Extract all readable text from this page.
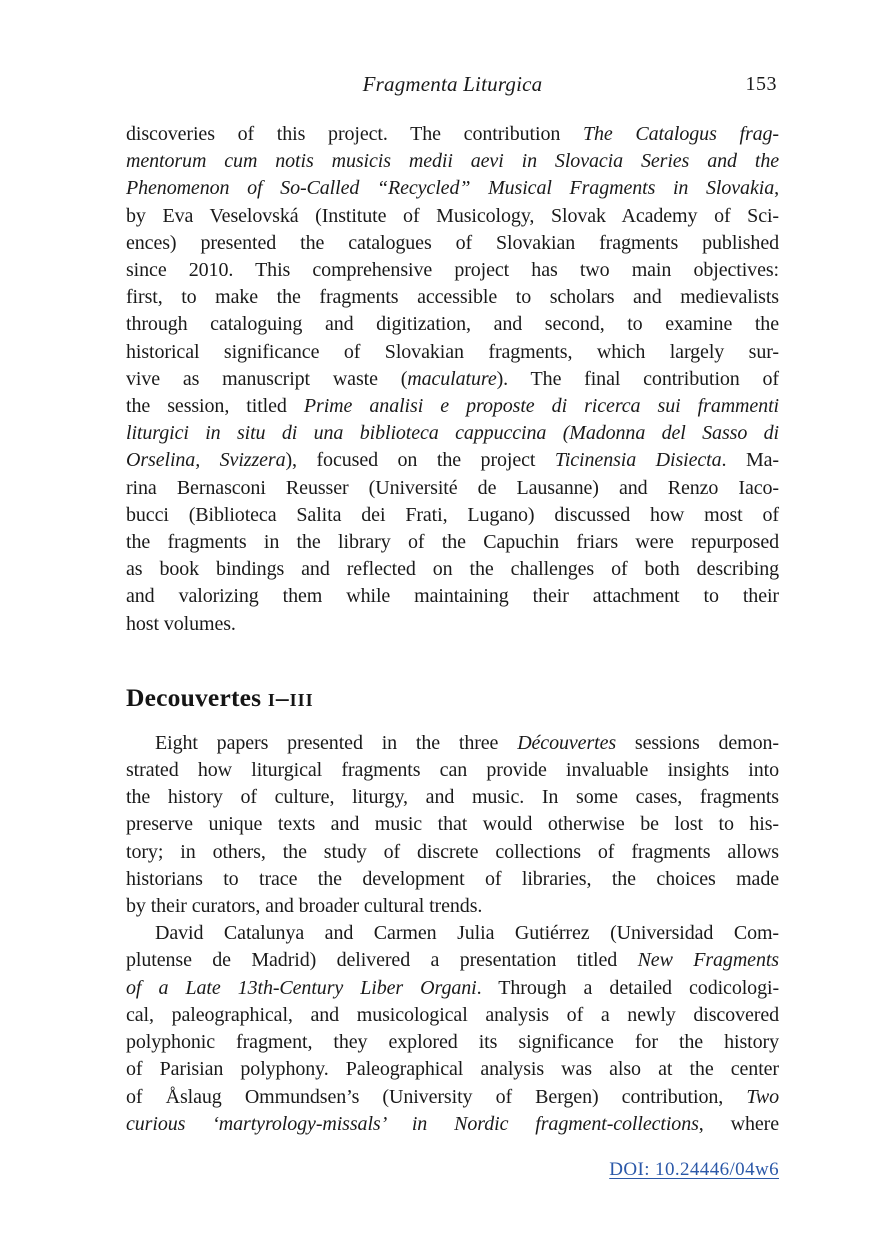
Fragmenta Liturgica	153
discoveries of this project. The contribution The Catalogus frag-
mentorum cum notis musicis medii aevi in Slovacia Series and the
Phenomenon of So-Called “Recycled” Musical Fragments in Slovakia,
by Eva Veselovská (Institute of Musicology, Slovak Academy of Sci-
ences) presented the catalogues of Slovakian fragments published
since 2010. This comprehensive project has two main objectives:
first, to make the fragments accessible to scholars and medievalists
through cataloguing and digitization, and second, to examine the
historical significance of Slovakian fragments, which largely sur-
vive as manuscript waste (maculature). The final contribution of
the session, titled Prime analisi e proposte di ricerca sui frammenti
liturgici in situ di una biblioteca cappuccina (Madonna del Sasso di
Orselina, Svizzera), focused on the project Ticinensia Disiecta. Ma-
rina Bernasconi Reusser (Université de Lausanne) and Renzo Iaco-
bucci (Biblioteca Salita dei Frati, Lugano) discussed how most of
the fragments in the library of the Capuchin friars were repurposed
as book bindings and reflected on the challenges of both describing
and valorizing them while maintaining their attachment to their
host volumes.
Decouvertes i–iii
Eight papers presented in the three Découvertes sessions demon-
strated how liturgical fragments can provide invaluable insights into
the history of culture, liturgy, and music. In some cases, fragments
preserve unique texts and music that would otherwise be lost to his-
tory; in others, the study of discrete collections of fragments allows
historians to trace the development of libraries, the choices made
by their curators, and broader cultural trends.
David Catalunya and Carmen Julia Gutiérrez (Universidad Com-
plutense de Madrid) delivered a presentation titled New Fragments
of a Late 13th-Century Liber Organi. Through a detailed codicologi-
cal, paleographical, and musicological analysis of a newly discovered
polyphonic fragment, they explored its significance for the history
of Parisian polyphony. Paleographical analysis was also at the center
of Åslaug Ommundsen’s (University of Bergen) contribution, Two
curious ‘martyrology-missals’ in Nordic fragment-collections, where
DOI: 10.24446/04w6
